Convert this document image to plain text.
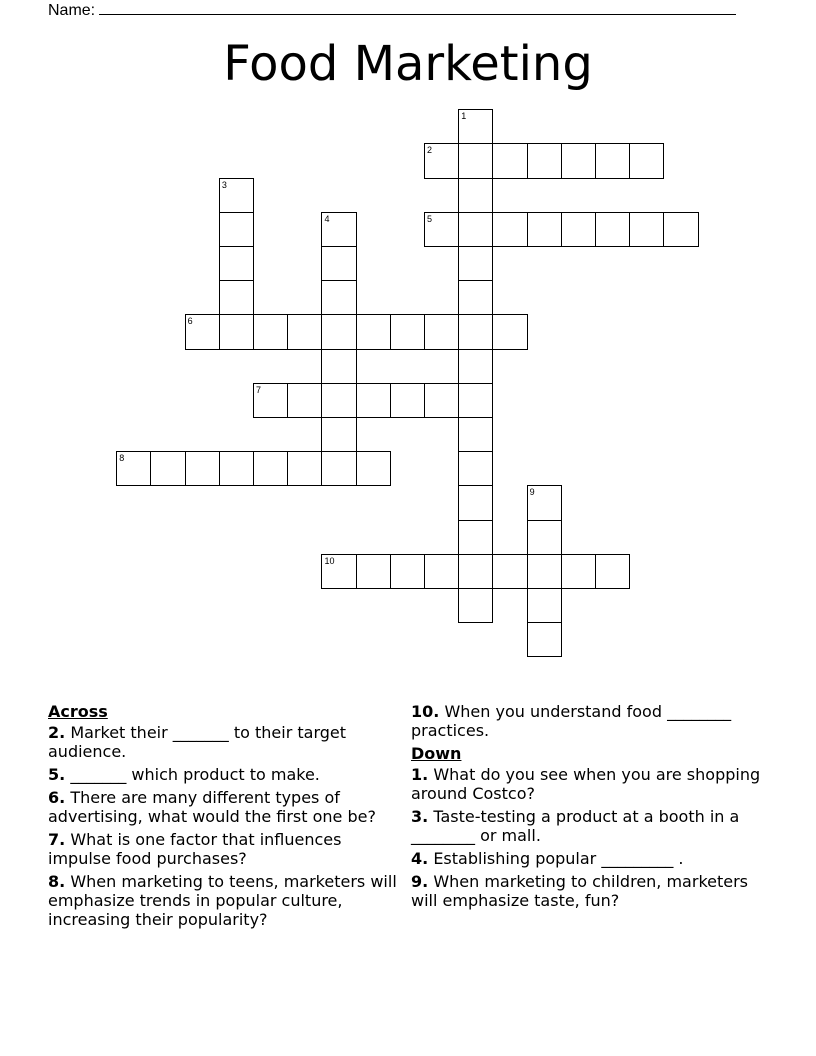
Name:
Food Marketing
1
2
3
4	5
6
7
8
9
10
Across
2. Market their _______ to their target audience.
5. _______ which product to make.
6. There are many different types of advertising, what would the first one be?
7. What is one factor that influences impulse food purchases?
8. When marketing to teens, marketers will emphasize trends in popular culture, increasing their popularity?
10. When you understand food ________ practices.
Down
1. What do you see when you are shopping around Costco?
3. Taste-testing a product at a booth in a ________ or mall.
4. Establishing popular _________ .
9. When marketing to children, marketers will emphasize taste, fun?
